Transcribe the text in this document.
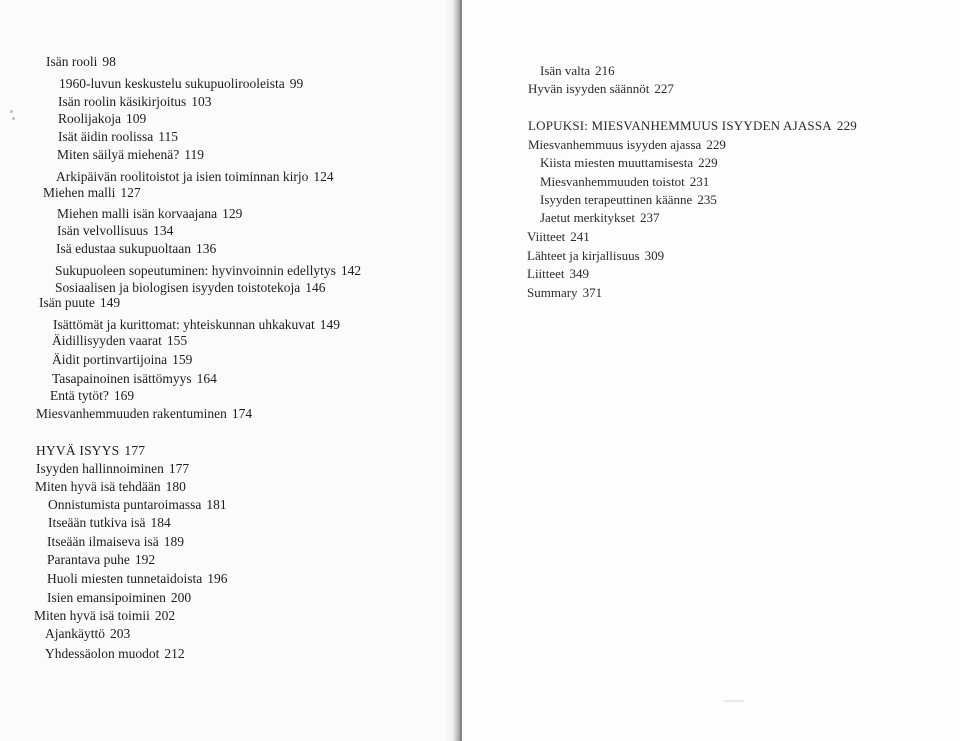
Isän rooli 98
1960-luvun keskustelu sukupuolirooleista 99
Isän roolin käsikirjoitus 103
Roolijakoja 109
Isät äidin roolissa 115
Miten säilyä miehenä? 119
Arkipäivän roolitoistot ja isien toiminnan kirjo 124
Miehen malli 127
Miehen malli isän korvaajana 129
Isän velvollisuus 134
Isä edustaa sukupuoltaan 136
Sukupuoleen sopeutuminen: hyvinvoinnin edellytys 142
Sosiaalisen ja biologisen isyyden toistotekoja 146
Isän puute 149
Isättömät ja kurittomat: yhteiskunnan uhkakuvat 149
Äidillisyyden vaarat 155
Äidit portinvartijoina 159
Tasapainoinen isättömyys 164
Entä tytöt? 169
Miesvanhemmuuden rakentuminen 174
HYVÄ ISYYS 177
Isyyden hallinnoiminen 177
Miten hyvä isä tehdään 180
Onnistumista puntaroimassa 181
Itseään tutkiva isä 184
Itseään ilmaiseva isä 189
Parantava puhe 192
Huoli miesten tunnetaidoista 196
Isien emansipoiminen 200
Miten hyvä isä toimii 202
Ajankäyttö 203
Yhdessäolon muodot 212
Isän valta 216
Hyvän isyyden säännöt 227
LOPUKSI: MIESVANHEMMUUS ISYYDEN AJASSA 229
Miesvanhemmuus isyyden ajassa 229
Kiista miesten muuttamisesta 229
Miesvanhemmuuden toistot 231
Isyyden terapeuttinen käänne 235
Jaetut merkitykset 237
Viitteet 241
Lähteet ja kirjallisuus 309
Liitteet 349
Summary 371
